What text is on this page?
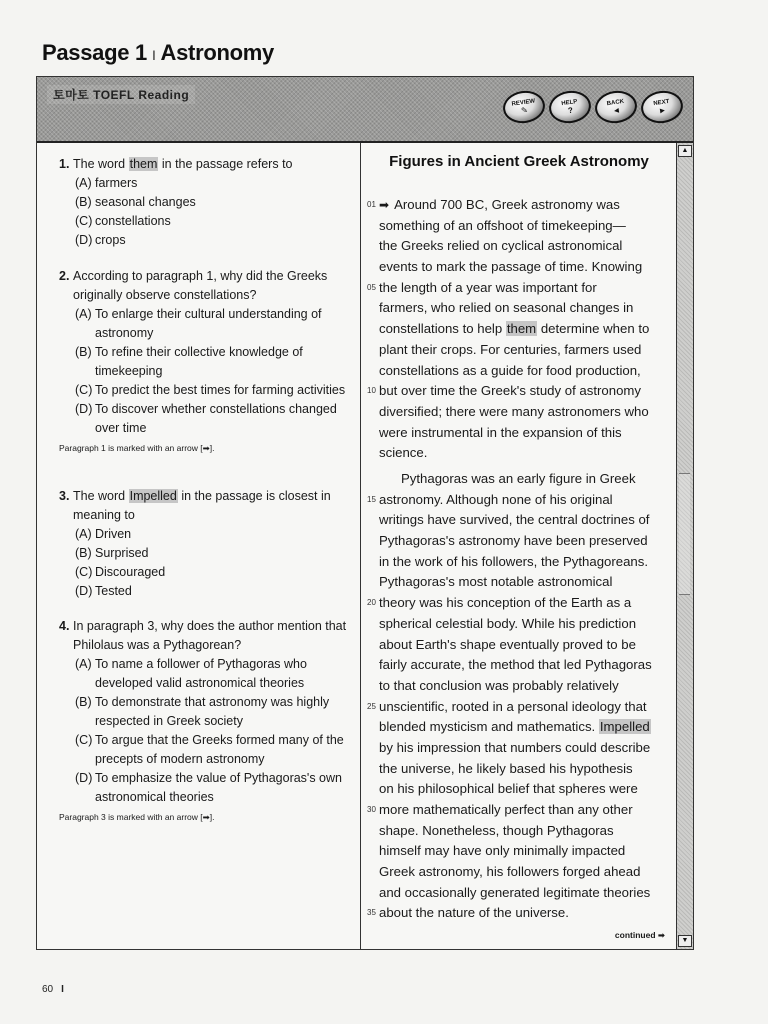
Passage 1 I Astronomy
토마토 TOEFL Reading
REVIEW
✎
HELP
?
BACK
◄
NEXT
►
1. The word them in the passage refers to
(A) farmers
(B) seasonal changes
(C) constellations
(D) crops
2. According to paragraph 1, why did the Greeks originally observe constellations?
(A) To enlarge their cultural understanding of astronomy
(B) To refine their collective knowledge of timekeeping
(C) To predict the best times for farming activities
(D) To discover whether constellations changed over time
Paragraph 1 is marked with an arrow [➡].
3. The word Impelled in the passage is closest in meaning to
(A) Driven
(B) Surprised
(C) Discouraged
(D) Tested
4. In paragraph 3, why does the author mention that Philolaus was a Pythagorean?
(A) To name a follower of Pythagoras who developed valid astronomical theories
(B) To demonstrate that astronomy was highly respected in Greek society
(C) To argue that the Greeks formed many of the precepts of modern astronomy
(D) To emphasize the value of Pythagoras's own astronomical theories
Paragraph 3 is marked with an arrow [➡].
Figures in Ancient Greek Astronomy
01 ➡ Around 700 BC, Greek astronomy was
something of an offshoot of timekeeping—
the Greeks relied on cyclical astronomical
events to mark the passage of time. Knowing
05 the length of a year was important for
farmers, who relied on seasonal changes in
constellations to help them determine when to
plant their crops. For centuries, farmers used
constellations as a guide for food production,
10 but over time the Greek's study of astronomy
diversified; there were many astronomers who
were instrumental in the expansion of this
science.
Pythagoras was an early figure in Greek
15 astronomy. Although none of his original
writings have survived, the central doctrines of
Pythagoras's astronomy have been preserved
in the work of his followers, the Pythagoreans.
Pythagoras's most notable astronomical
20 theory was his conception of the Earth as a
spherical celestial body. While his prediction
about Earth's shape eventually proved to be
fairly accurate, the method that led Pythagoras
to that conclusion was probably relatively
25 unscientific, rooted in a personal ideology that
blended mysticism and mathematics. Impelled
by his impression that numbers could describe
the universe, he likely based his hypothesis
on his philosophical belief that spheres were
30 more mathematically perfect than any other
shape. Nonetheless, though Pythagoras
himself may have only minimally impacted
Greek astronomy, his followers forged ahead
and occasionally generated legitimate theories
35 about the nature of the universe.
continued ➡
▲
▼
60 I
